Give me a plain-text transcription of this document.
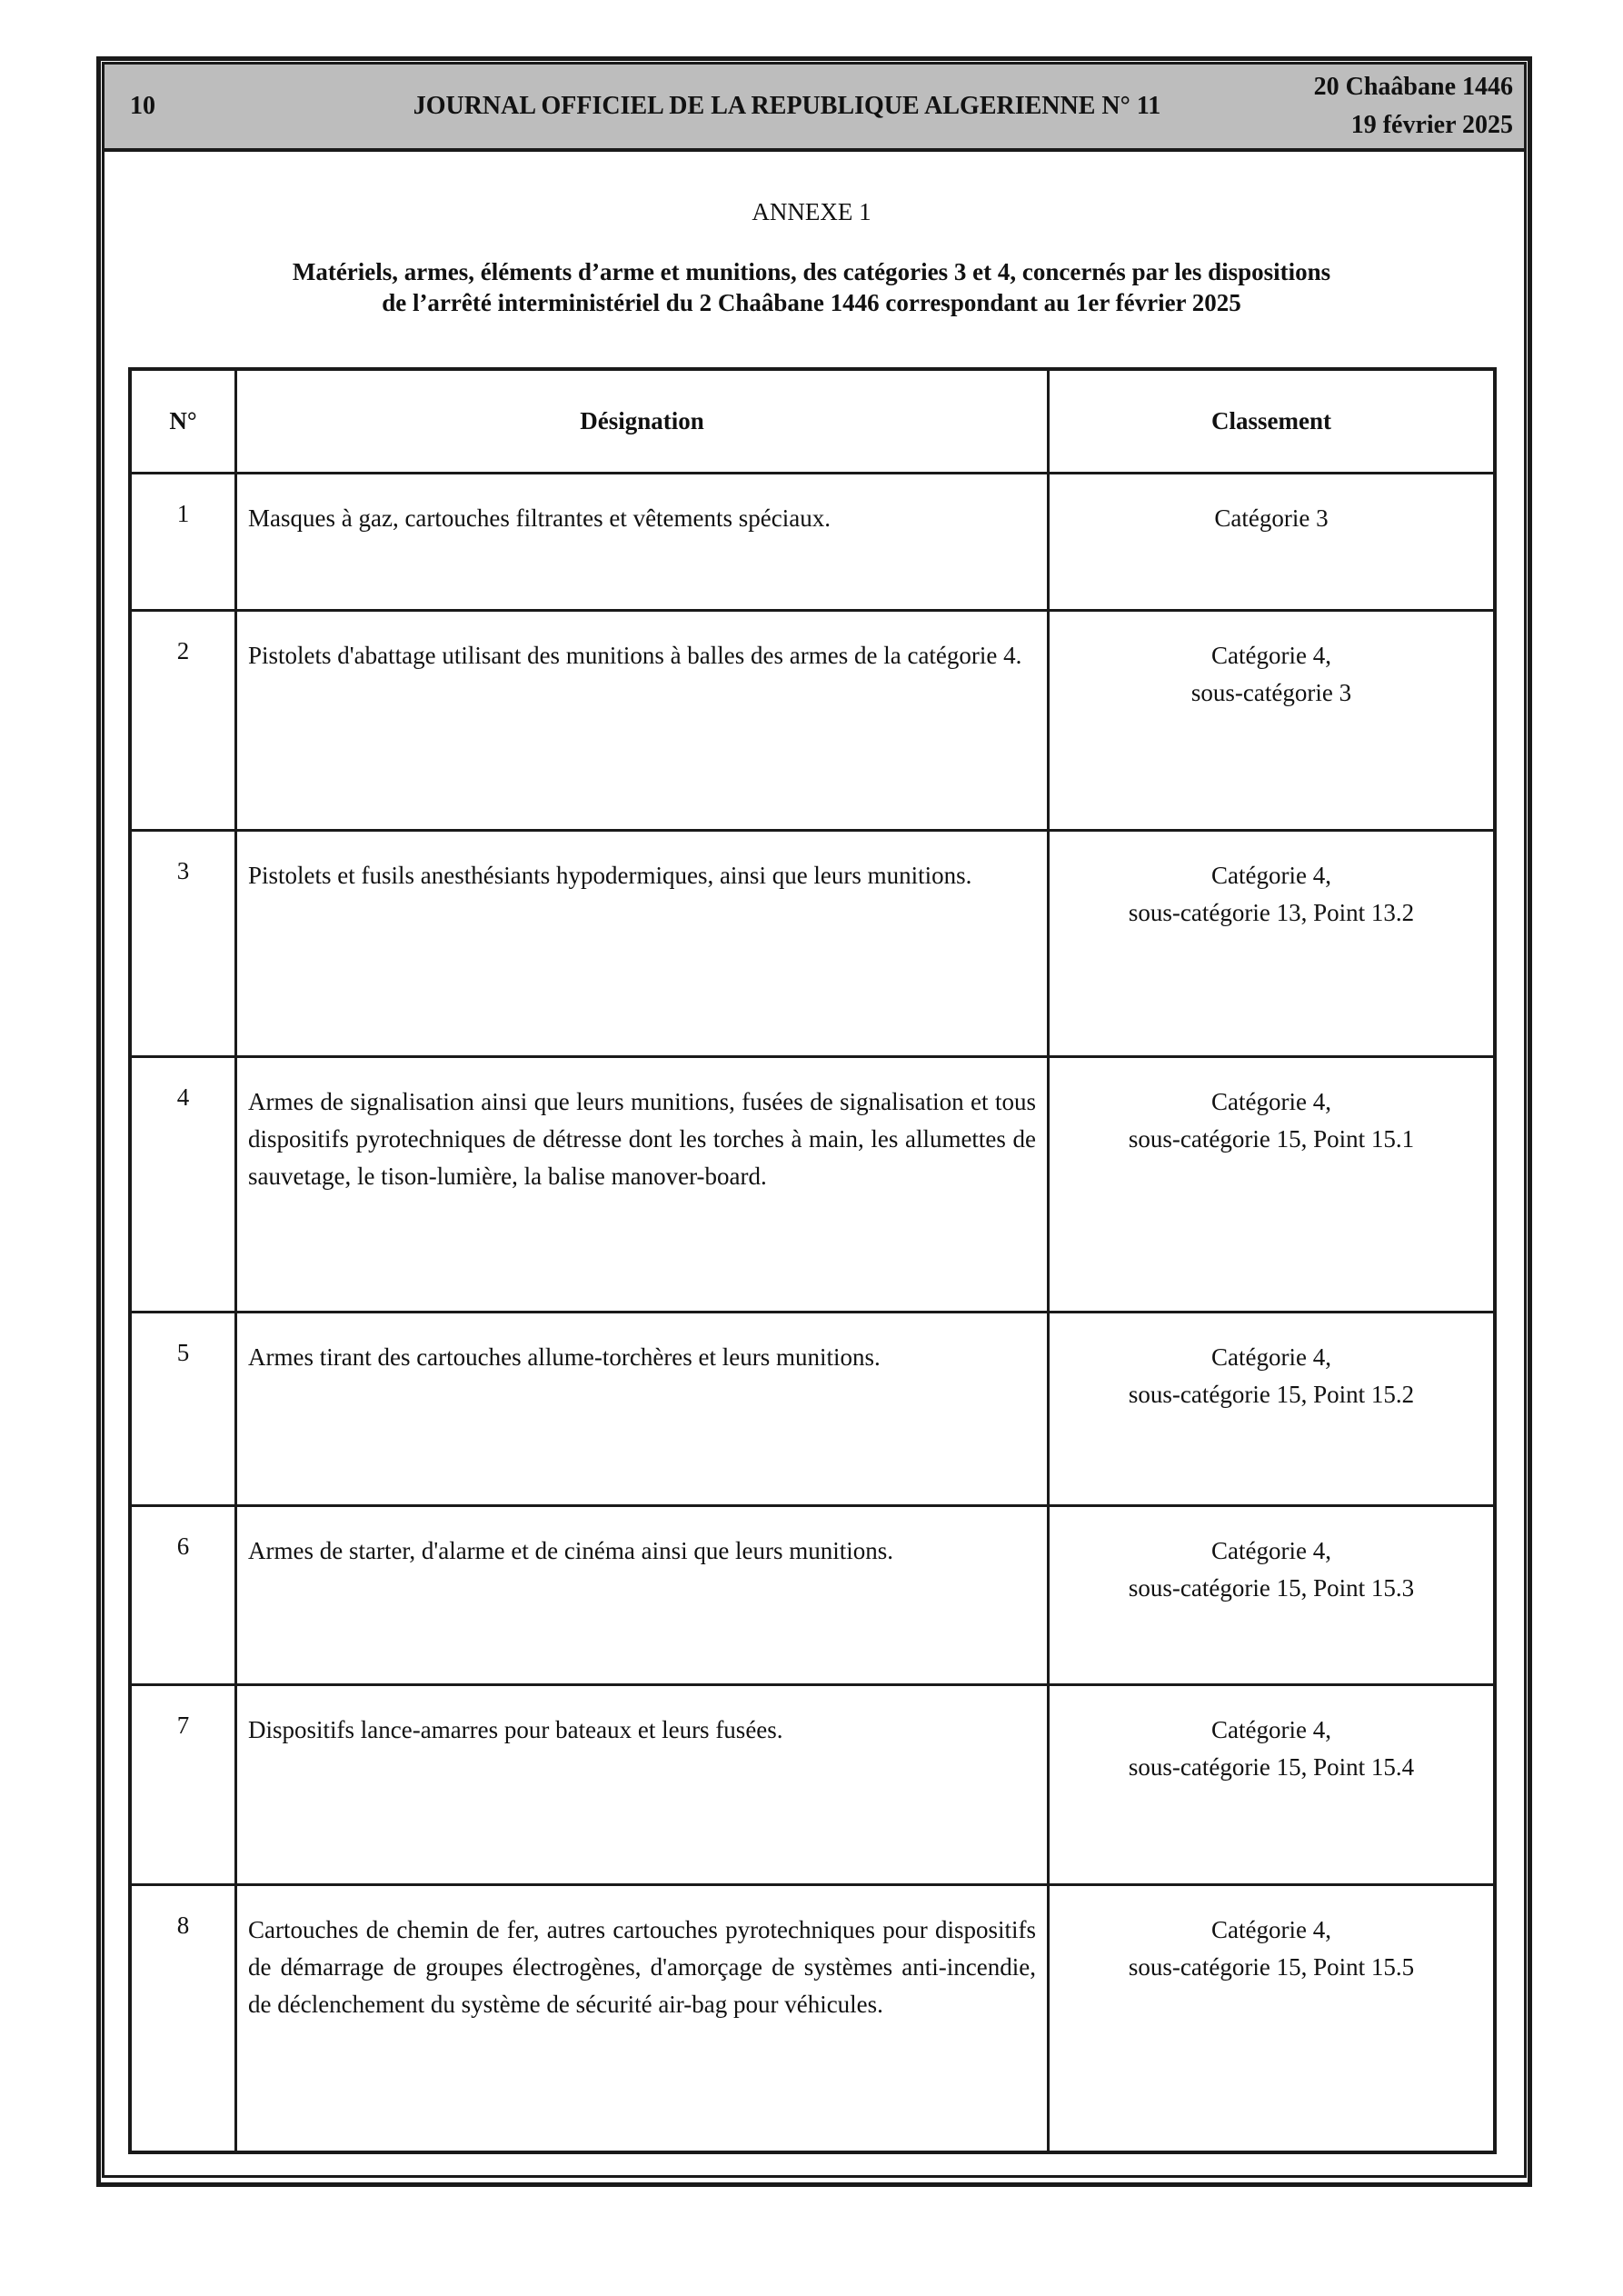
10	JOURNAL OFFICIEL DE LA REPUBLIQUE ALGERIENNE N° 11
20 Chaâbane 1446
19 février 2025
ANNEXE 1
Matériels, armes, éléments d’arme et munitions, des catégories 3 et 4, concernés par les dispositions
de l’arrêté interministériel du 2 Chaâbane 1446 correspondant au 1er février 2025
N°	Désignation	Classement
1	Masques à gaz, cartouches filtrantes et vêtements spéciaux.	Catégorie 3

2	Pistolets d'abattage utilisant des munitions à balles des armes de la catégorie 4.	Catégorie 4,
sous-catégorie 3

3	Pistolets et fusils anesthésiants hypodermiques, ainsi que leurs munitions.	Catégorie 4,
sous-catégorie 13, Point 13.2

4	Armes de signalisation ainsi que leurs munitions, fusées de signalisation et tous dispositifs pyrotechniques de détresse dont les torches à main, les allumettes de sauvetage, le tison-lumière, la balise manover-board.	Catégorie 4,
sous-catégorie 15, Point 15.1

5	Armes tirant des cartouches allume-torchères et leurs munitions.	Catégorie 4,
sous-catégorie 15, Point 15.2

6	Armes de starter, d'alarme et de cinéma ainsi que leurs munitions.	Catégorie 4,
sous-catégorie 15, Point 15.3

7	Dispositifs lance-amarres pour bateaux et leurs fusées.	Catégorie 4,
sous-catégorie 15, Point 15.4

8	Cartouches de chemin de fer, autres cartouches pyrotechniques pour dispositifs de démarrage de groupes électrogènes, d'amorçage de systèmes anti-incendie, de déclenchement du système de sécurité air-bag pour véhicules.	Catégorie 4,
sous-catégorie 15, Point 15.5
